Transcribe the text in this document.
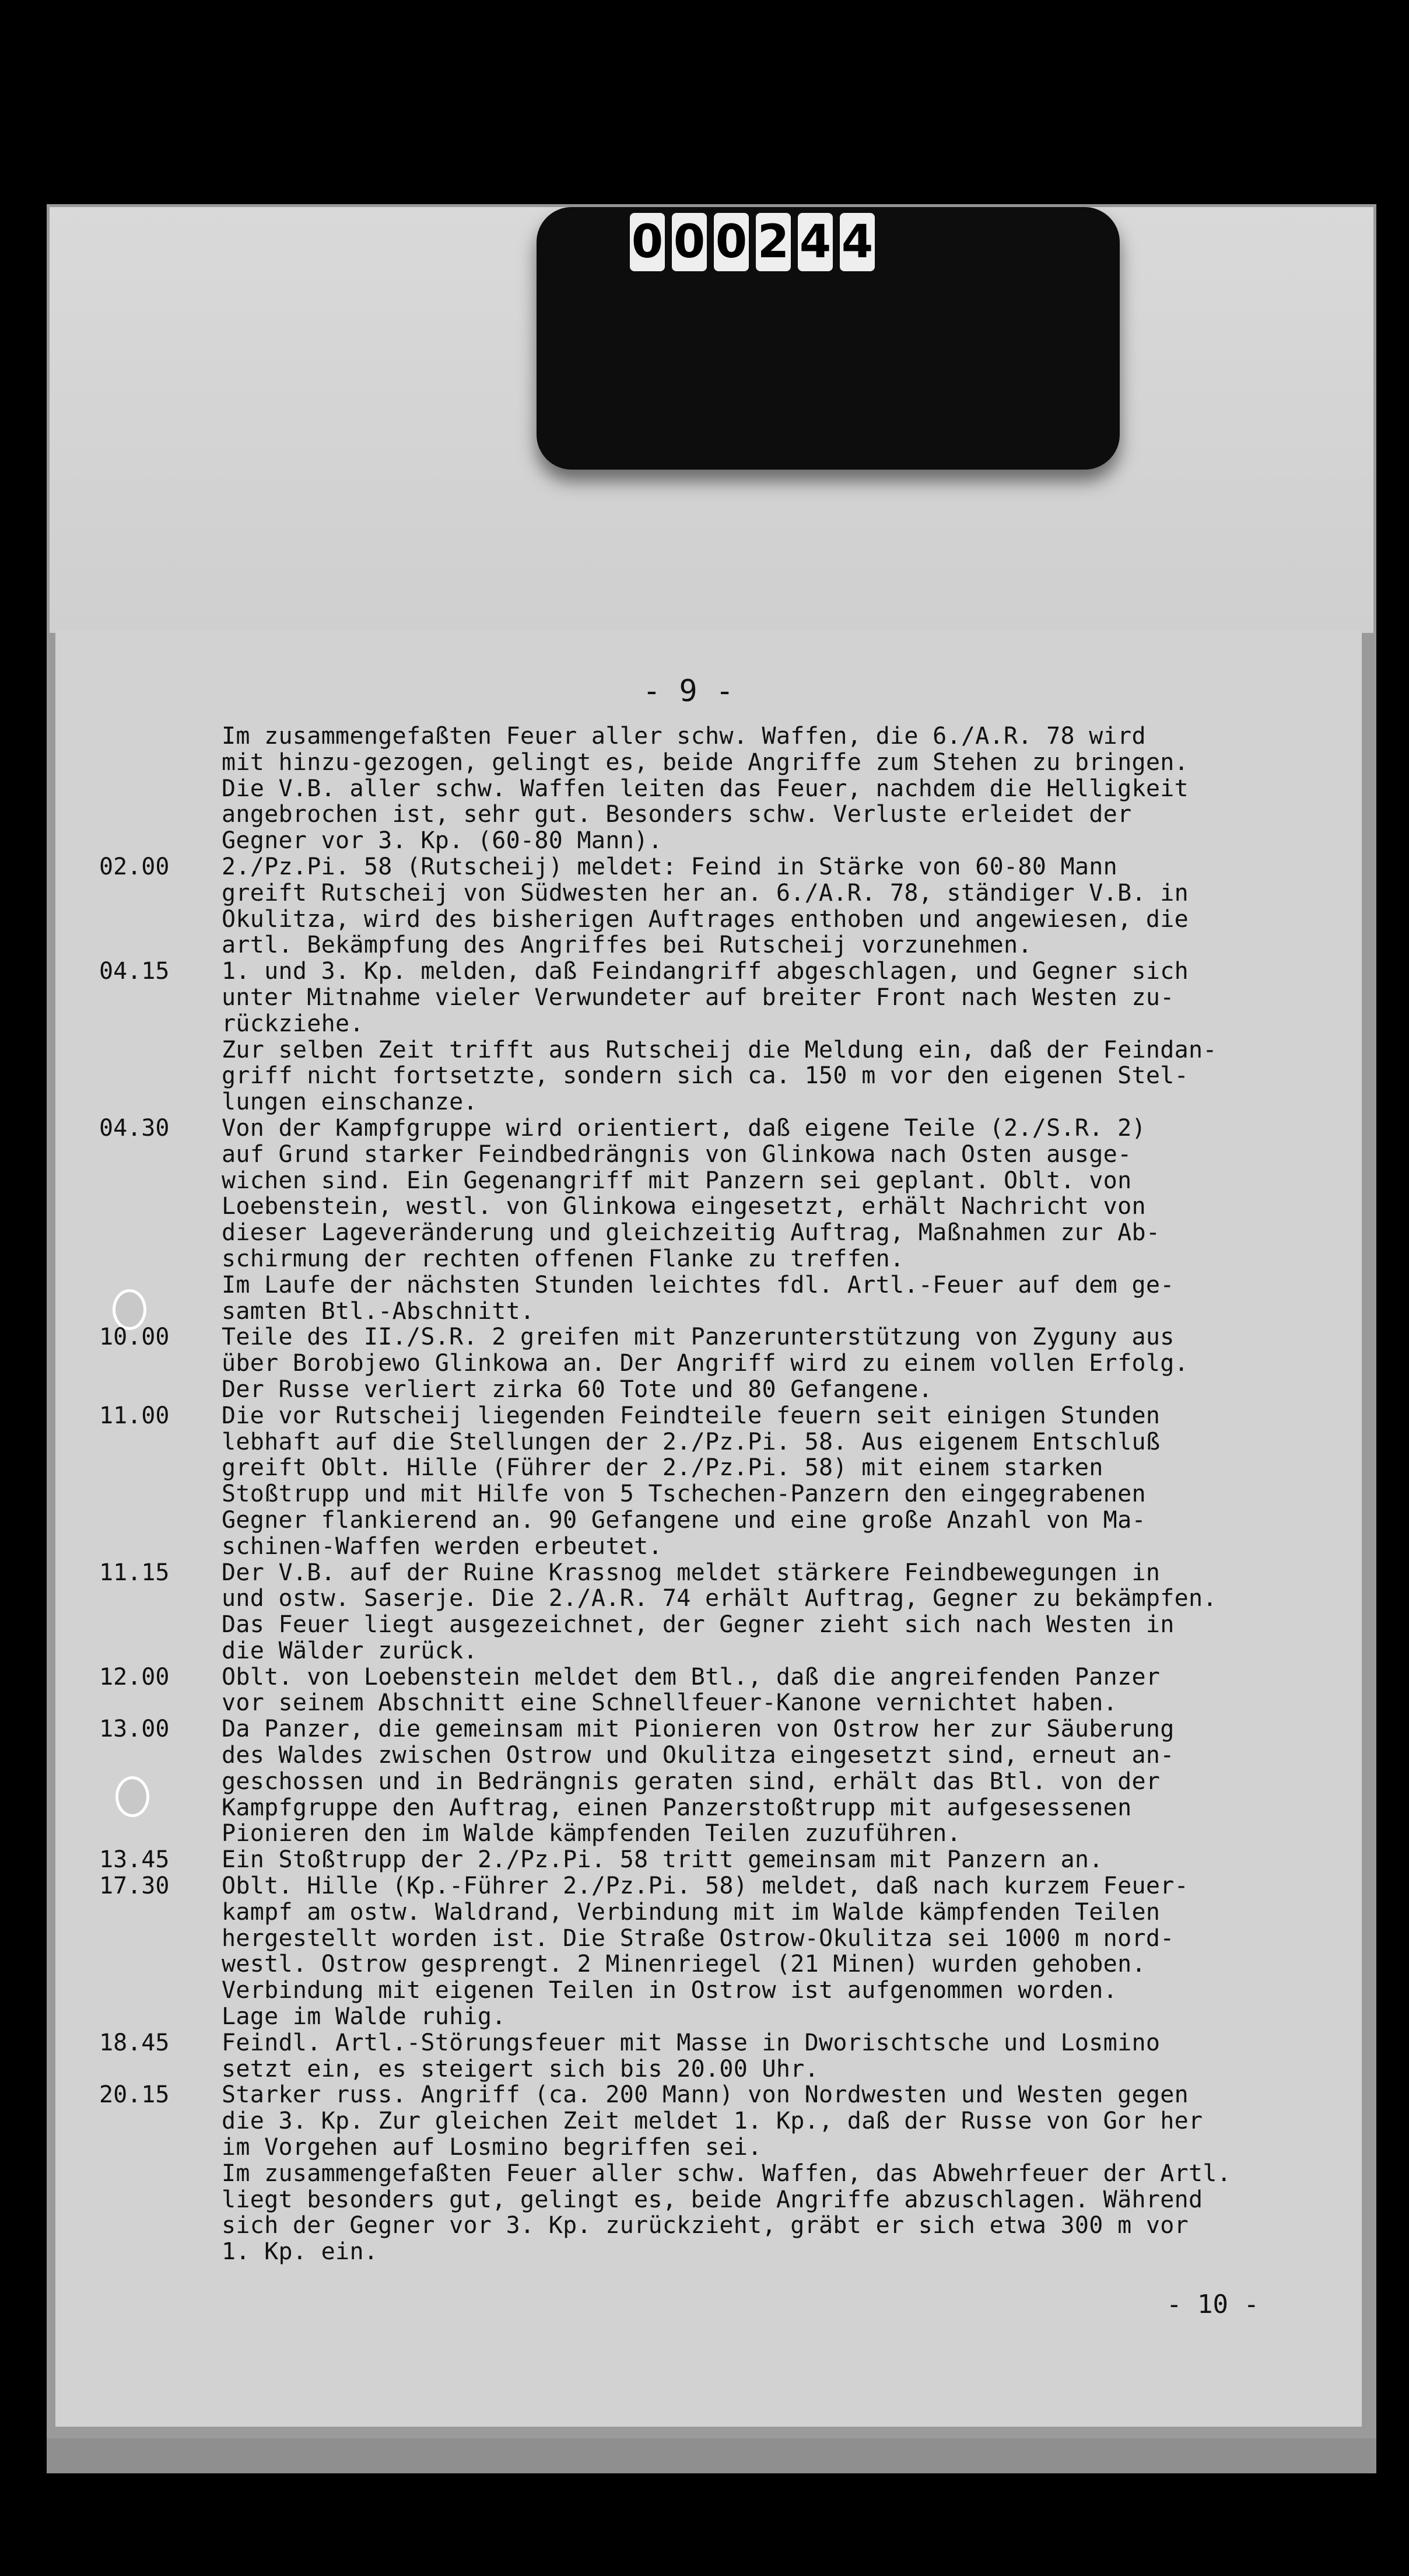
0 0 0 2 4 4
- 9 -
Im zusammengefaßten Feuer aller schw. Waffen, die 6./A.R. 78 wird
mit hinzu-gezogen, gelingt es, beide Angriffe zum Stehen zu bringen.
Die V.B. aller schw. Waffen leiten das Feuer, nachdem die Helligkeit
angebrochen ist, sehr gut. Besonders schw. Verluste erleidet der
Gegner vor 3. Kp. (60-80 Mann).
02.00	2./Pz.Pi. 58 (Rutscheij) meldet: Feind in Stärke von 60-80 Mann
greift Rutscheij von Südwesten her an. 6./A.R. 78, ständiger V.B. in
Okulitza, wird des bisherigen Auftrages enthoben und angewiesen, die
artl. Bekämpfung des Angriffes bei Rutscheij vorzunehmen.
04.15	1. und 3. Kp. melden, daß Feindangriff abgeschlagen, und Gegner sich
unter Mitnahme vieler Verwundeter auf breiter Front nach Westen zu-
rückziehe.
Zur selben Zeit trifft aus Rutscheij die Meldung ein, daß der Feindan-
griff nicht fortsetzte, sondern sich ca. 150 m vor den eigenen Stel-
lungen einschanze.
04.30	Von der Kampfgruppe wird orientiert, daß eigene Teile (2./S.R. 2)
auf Grund starker Feindbedrängnis von Glinkowa nach Osten ausge-
wichen sind. Ein Gegenangriff mit Panzern sei geplant. Oblt. von
Loebenstein, westl. von Glinkowa eingesetzt, erhält Nachricht von
dieser Lageveränderung und gleichzeitig Auftrag, Maßnahmen zur Ab-
schirmung der rechten offenen Flanke zu treffen.
Im Laufe der nächsten Stunden leichtes fdl. Artl.-Feuer auf dem ge-
samten Btl.-Abschnitt.
10.00	Teile des II./S.R. 2 greifen mit Panzerunterstützung von Zyguny aus
über Borobjewo Glinkowa an. Der Angriff wird zu einem vollen Erfolg.
Der Russe verliert zirka 60 Tote und 80 Gefangene.
11.00	Die vor Rutscheij liegenden Feindteile feuern seit einigen Stunden
lebhaft auf die Stellungen der 2./Pz.Pi. 58. Aus eigenem Entschluß
greift Oblt. Hille (Führer der 2./Pz.Pi. 58) mit einem starken
Stoßtrupp und mit Hilfe von 5 Tschechen-Panzern den eingegrabenen
Gegner flankierend an. 90 Gefangene und eine große Anzahl von Ma-
schinen-Waffen werden erbeutet.
11.15	Der V.B. auf der Ruine Krassnog meldet stärkere Feindbewegungen in
und ostw. Saserje. Die 2./A.R. 74 erhält Auftrag, Gegner zu bekämpfen.
Das Feuer liegt ausgezeichnet, der Gegner zieht sich nach Westen in
die Wälder zurück.
12.00	Oblt. von Loebenstein meldet dem Btl., daß die angreifenden Panzer
vor seinem Abschnitt eine Schnellfeuer-Kanone vernichtet haben.
13.00	Da Panzer, die gemeinsam mit Pionieren von Ostrow her zur Säuberung
des Waldes zwischen Ostrow und Okulitza eingesetzt sind, erneut an-
geschossen und in Bedrängnis geraten sind, erhält das Btl. von der
Kampfgruppe den Auftrag, einen Panzerstoßtrupp mit aufgesessenen
Pionieren den im Walde kämpfenden Teilen zuzuführen.
13.45	Ein Stoßtrupp der 2./Pz.Pi. 58 tritt gemeinsam mit Panzern an.
17.30	Oblt. Hille (Kp.-Führer 2./Pz.Pi. 58) meldet, daß nach kurzem Feuer-
kampf am ostw. Waldrand, Verbindung mit im Walde kämpfenden Teilen
hergestellt worden ist. Die Straße Ostrow-Okulitza sei 1000 m nord-
westl. Ostrow gesprengt. 2 Minenriegel (21 Minen) wurden gehoben.
Verbindung mit eigenen Teilen in Ostrow ist aufgenommen worden.
Lage im Walde ruhig.
18.45	Feindl. Artl.-Störungsfeuer mit Masse in Dworischtsche und Losmino
setzt ein, es steigert sich bis 20.00 Uhr.
20.15	Starker russ. Angriff (ca. 200 Mann) von Nordwesten und Westen gegen
die 3. Kp. Zur gleichen Zeit meldet 1. Kp., daß der Russe von Gor her
im Vorgehen auf Losmino begriffen sei.
Im zusammengefaßten Feuer aller schw. Waffen, das Abwehrfeuer der Artl.
liegt besonders gut, gelingt es, beide Angriffe abzuschlagen. Während
sich der Gegner vor 3. Kp. zurückzieht, gräbt er sich etwa 300 m vor
1. Kp. ein.
- 10 -
